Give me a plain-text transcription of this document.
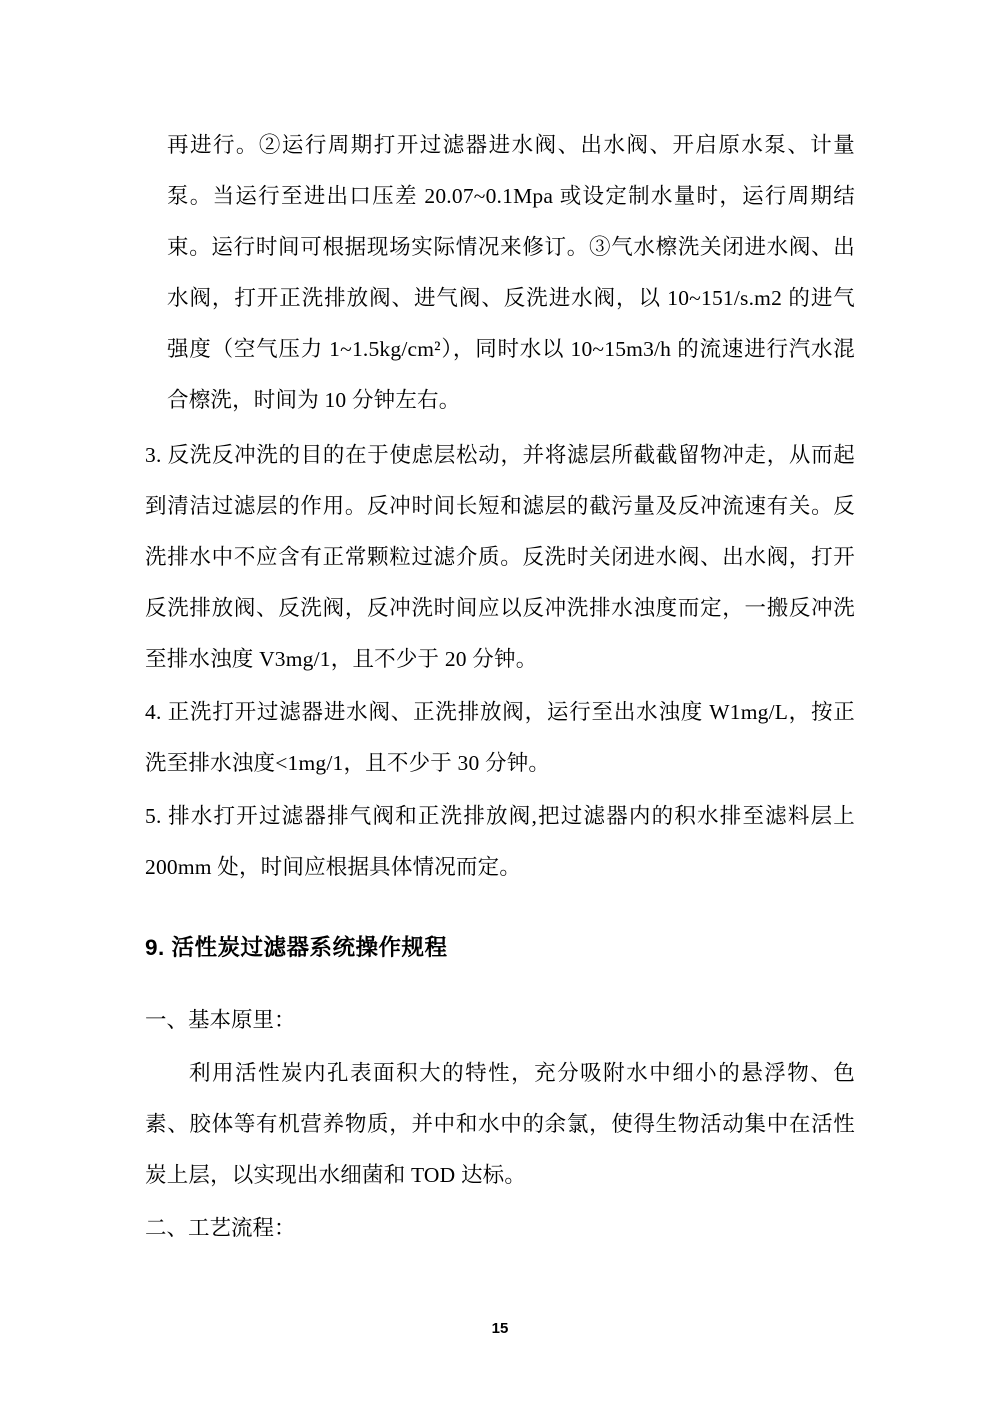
再进行。②运行周期打开过滤器进水阀、出水阀、开启原水泵、计量泵。当运行至进出口压差 20.07~0.1Mpa 或设定制水量时，运行周期结束。运行时间可根据现场实际情况来修订。③气水檫洗关闭进水阀、出水阀，打开正洗排放阀、进气阀、反洗进水阀，以 10~151/s.m2 的进气强度（空气压力 1~1.5kg/cm²），同时水以 10~15m3/h 的流速进行汽水混合檫洗，时间为 10 分钟左右。

3. 反洗反冲洗的目的在于使虑层松动，并将滤层所截截留物冲走，从而起到清洁过滤层的作用。反冲时间长短和滤层的截污量及反冲流速有关。反洗排水中不应含有正常颗粒过滤介质。反洗时关闭进水阀、出水阀，打开反洗排放阀、反洗阀，反冲洗时间应以反冲洗排水浊度而定，一搬反冲洗至排水浊度 V3mg/1，且不少于 20 分钟。

4. 正洗打开过滤器进水阀、正洗排放阀，运行至出水浊度 W1mg/L，按正洗至排水浊度<1mg/1，且不少于 30 分钟。

5. 排水打开过滤器排气阀和正洗排放阀,把过滤器内的积水排至滤料层上 200mm 处，时间应根据具体情况而定。

9. 活性炭过滤器系统操作规程

一、基本原里：

利用活性炭内孔表面积大的特性，充分吸附水中细小的悬浮物、色素、胶体等有机营养物质，并中和水中的余氯，使得生物活动集中在活性炭上层，以实现出水细菌和 TOD 达标。

二、工艺流程：

15
